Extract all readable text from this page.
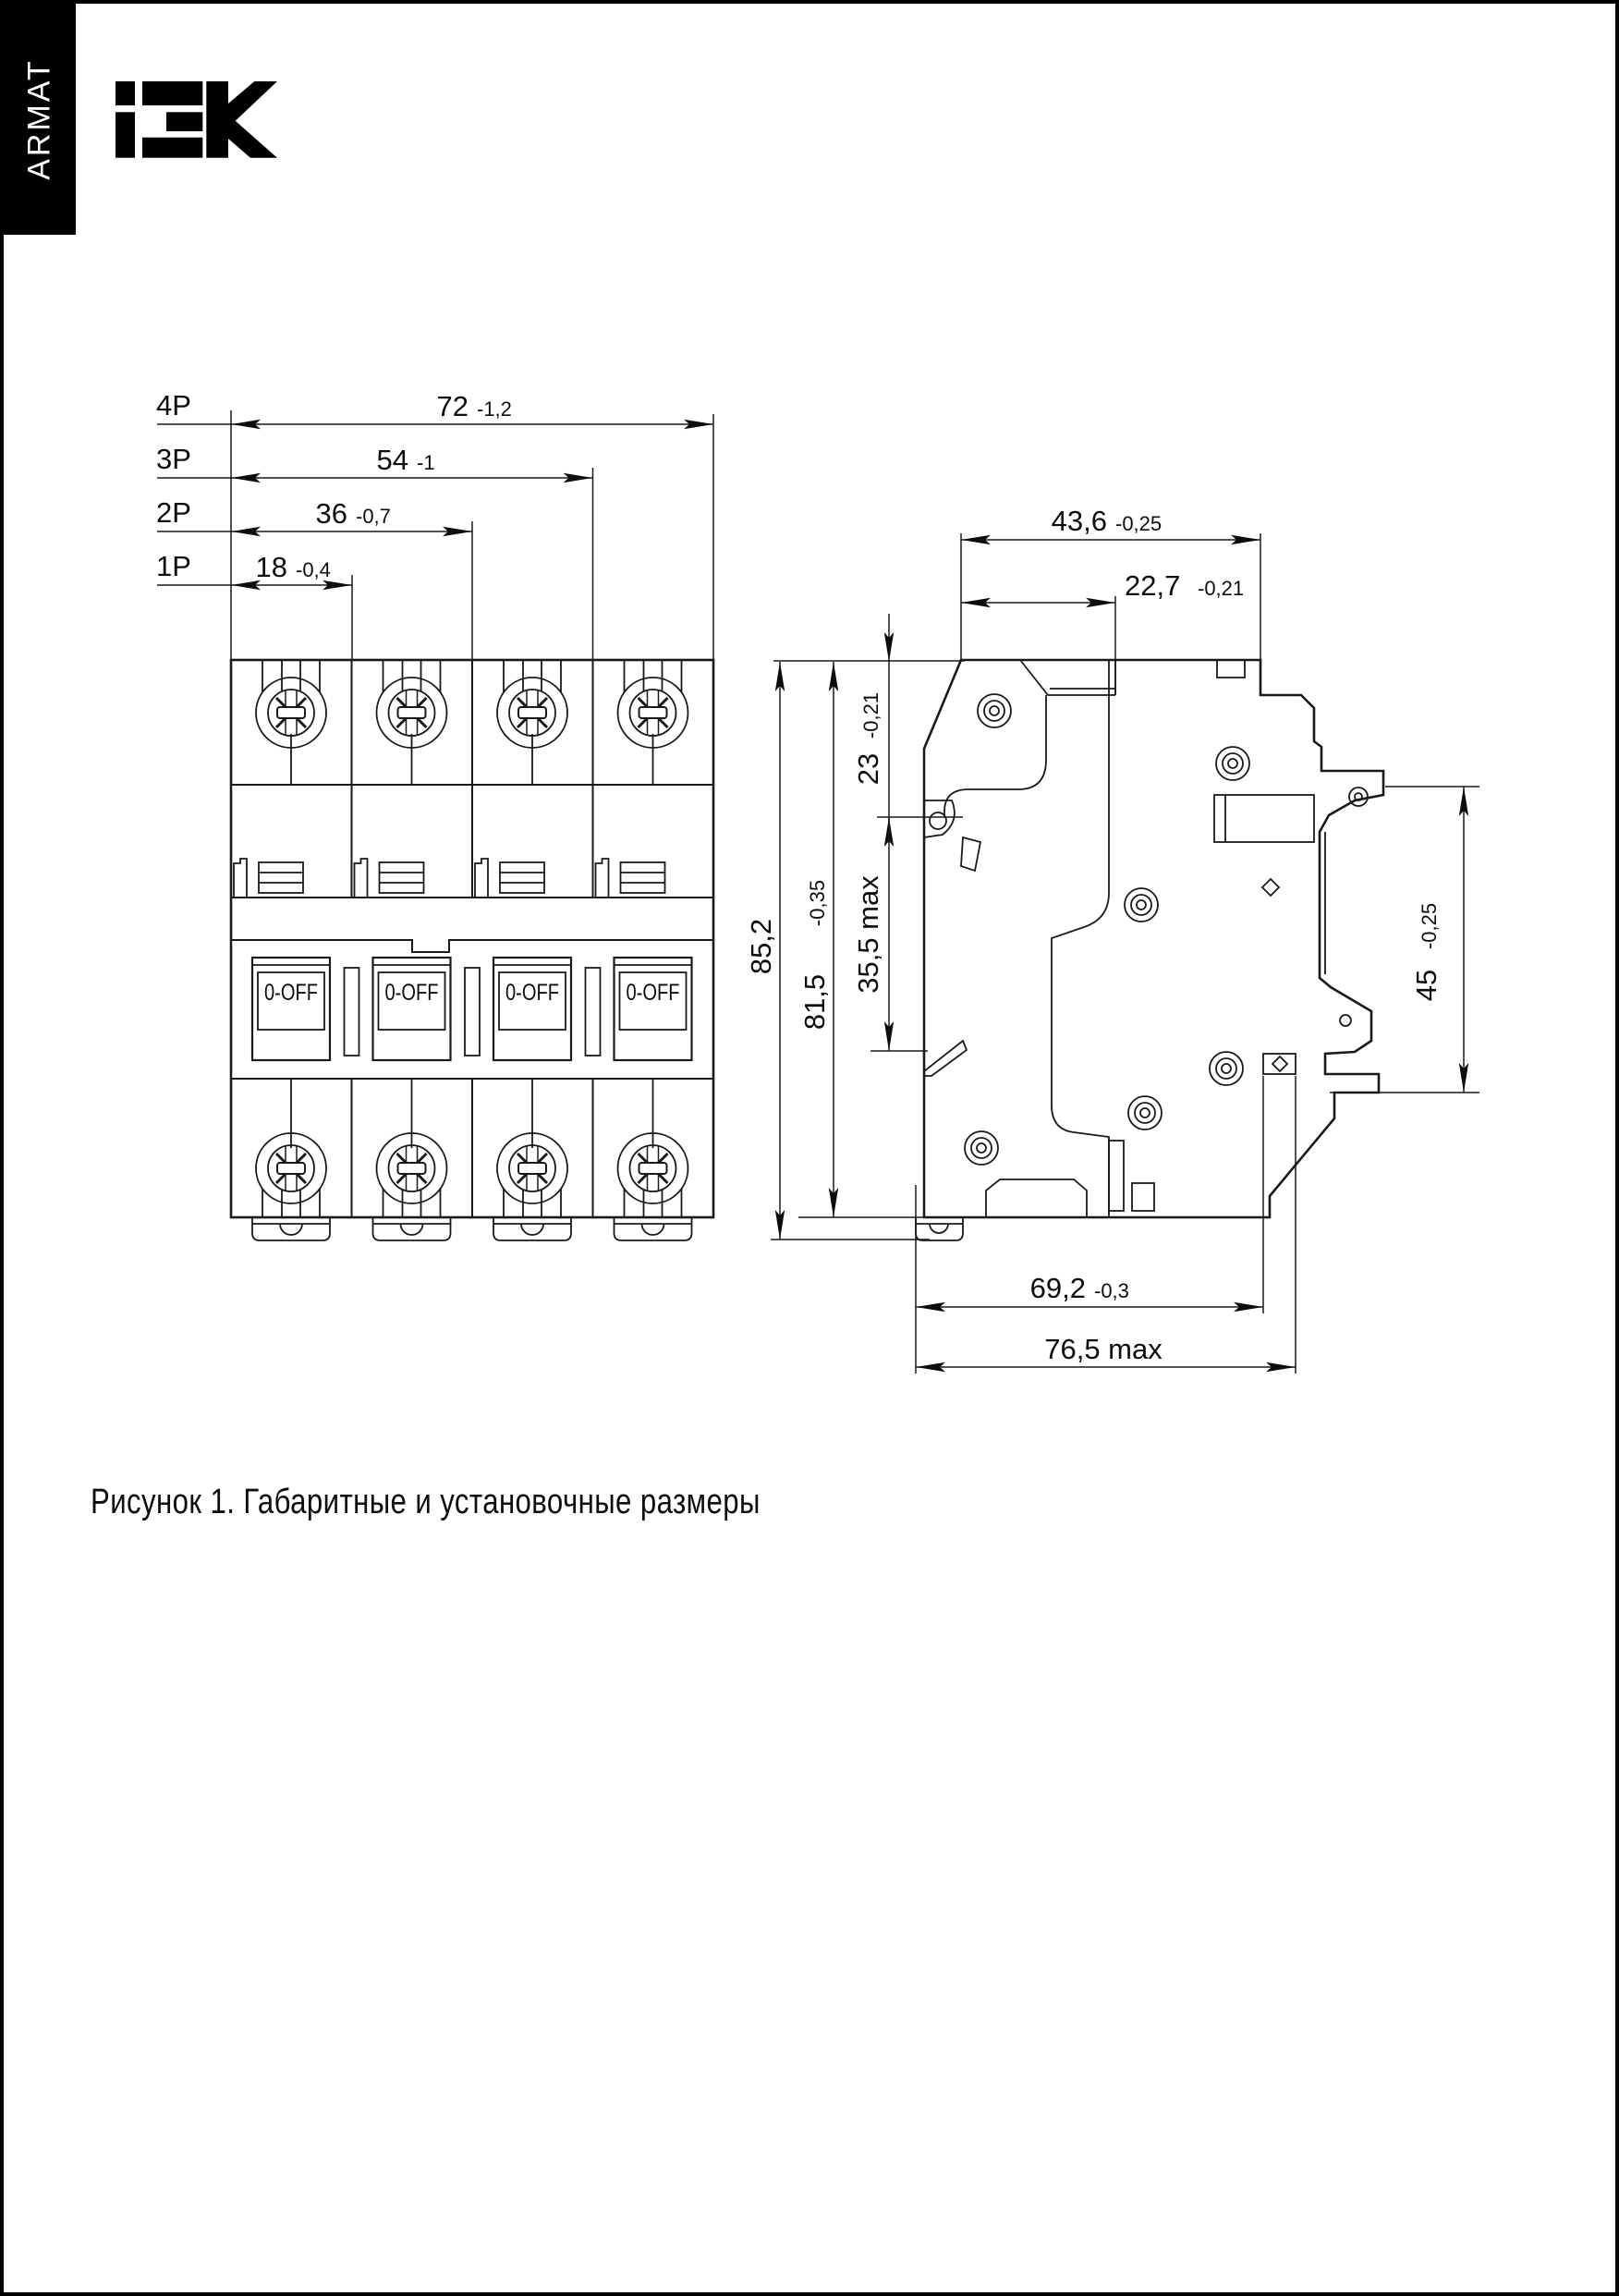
ARMAT
0-OFF	0-OFF	0-OFF	0-OFF
4P
3P
2P
1P
72 -1,2
54 -1
36 -0,7
18 -0,4
43,6 -0,25
22,7 -0,21
23
-0,21
35,5 max
85,2
81,5
-0,35
45
-0,25
69,2 -0,3
76,5 max
Рисунок 1. Габаритные и установочные размеры
